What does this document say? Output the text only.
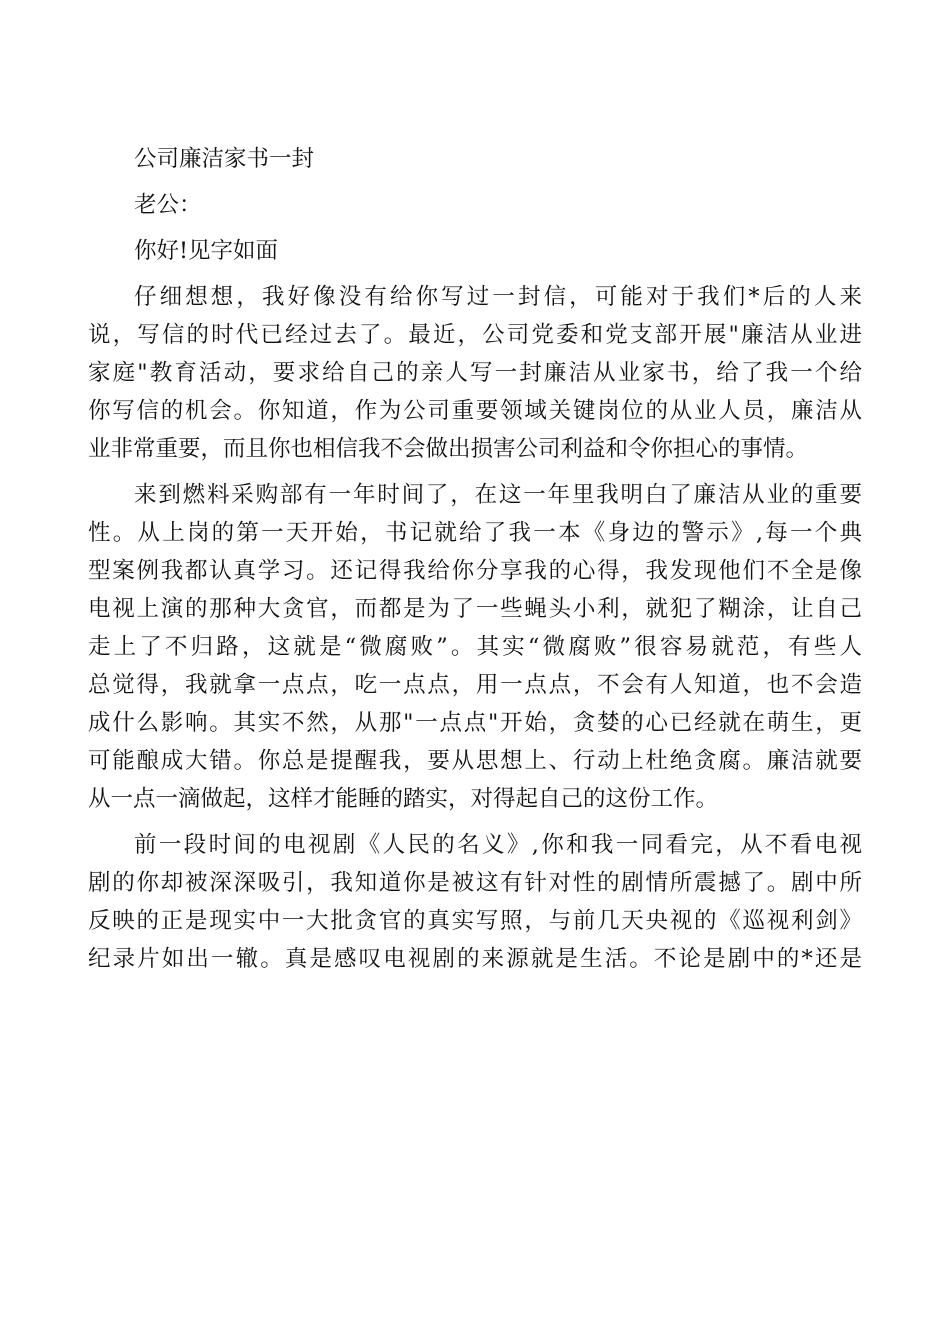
公司廉洁家书一封
老公：
你好!见字如面
仔细想想，我好像没有给你写过一封信，可能对于我们*后的人来
说，写信的时代已经过去了。最近，公司党委和党支部开展"廉洁从业进
家庭"教育活动，要求给自己的亲人写一封廉洁从业家书，给了我一个给
你写信的机会。你知道，作为公司重要领域关键岗位的从业人员，廉洁从
业非常重要，而且你也相信我不会做出损害公司利益和令你担心的事情。
来到燃料采购部有一年时间了，在这一年里我明白了廉洁从业的重要
性。从上岗的第一天开始，书记就给了我一本《身边的警示》,每一个典
型案例我都认真学习。还记得我给你分享我的心得，我发现他们不全是像
电视上演的那种大贪官，而都是为了一些蝇头小利，就犯了糊涂，让自己
走上了不归路，这就是“微腐败”。其实“微腐败”很容易就范，有些人
总觉得，我就拿一点点，吃一点点，用一点点，不会有人知道，也不会造
成什么影响。其实不然，从那"一点点"开始，贪婪的心已经就在萌生，更
可能酿成大错。你总是提醒我，要从思想上、行动上杜绝贪腐。廉洁就要
从一点一滴做起，这样才能睡的踏实，对得起自己的这份工作。
前一段时间的电视剧《人民的名义》,你和我一同看完，从不看电视
剧的你却被深深吸引，我知道你是被这有针对性的剧情所震撼了。剧中所
反映的正是现实中一大批贪官的真实写照，与前几天央视的《巡视利剑》
纪录片如出一辙。真是感叹电视剧的来源就是生活。不论是剧中的*还是
